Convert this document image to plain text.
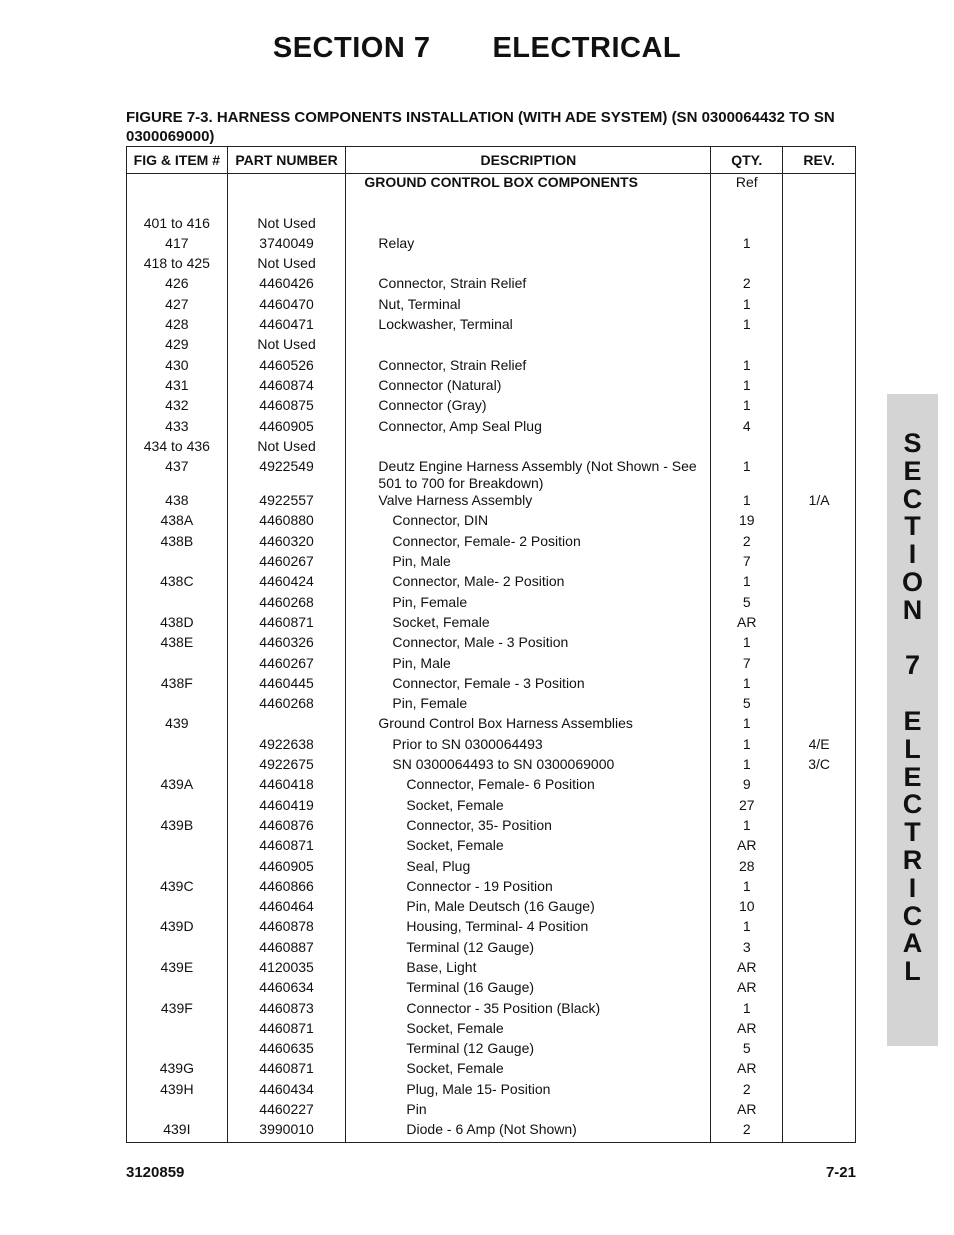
SECTION 7 ELECTRICAL
FIGURE 7-3. HARNESS COMPONENTS INSTALLATION (WITH ADE SYSTEM) (SN 0300064432 TO SN 0300069000)
FIG & ITEM #	PART NUMBER	DESCRIPTION	QTY.	REV.

		GROUND CONTROL BOX COMPONENTS	Ref	

401 to 416	Not Used	

417	3740049	Relay	1	
418 to 425	Not Used	

426	4460426	Connector, Strain Relief	2	
427	4460470	Nut, Terminal	1	
428	4460471	Lockwasher, Terminal	1	
429	Not Used	

430	4460526	Connector, Strain Relief	1	
431	4460874	Connector (Natural)	1	
432	4460875	Connector (Gray)	1	
433	4460905	Connector, Amp Seal Plug	4	
434 to 436	Not Used	

437	4922549	Deutz Engine Harness Assembly (Not Shown - See 501 to 700 for Breakdown)	1	
438	4922557	Valve Harness Assembly	1	1/A
438A	4460880	Connector, DIN	19	
438B	4460320	Connector, Female- 2 Position	2	
	4460267	Pin, Male	7	
438C	4460424	Connector, Male- 2 Position	1	
	4460268	Pin, Female	5	
438D	4460871	Socket, Female	AR	
438E	4460326	Connector, Male - 3 Position	1	
	4460267	Pin, Male	7	
438F	4460445	Connector, Female - 3 Position	1	
	4460268	Pin, Female	5	
439		Ground Control Box Harness Assemblies	1	
	4922638	Prior to SN 0300064493	1	4/E
	4922675	SN 0300064493 to SN 0300069000	1	3/C
439A	4460418	Connector, Female- 6 Position	9	
	4460419	Socket, Female	27	
439B	4460876	Connector, 35- Position	1	
	4460871	Socket, Female	AR	
	4460905	Seal, Plug	28	
439C	4460866	Connector - 19 Position	1	
	4460464	Pin, Male Deutsch (16 Gauge)	10	
439D	4460878	Housing, Terminal- 4 Position	1	
	4460887	Terminal (12 Gauge)	3	
439E	4120035	Base, Light	AR	
	4460634	Terminal (16 Gauge)	AR	
439F	4460873	Connector - 35 Position (Black)	1	
	4460871	Socket, Female	AR	
	4460635	Terminal (12 Gauge)	5	
439G	4460871	Socket, Female	AR	
439H	4460434	Plug, Male 15- Position	2	
	4460227	Pin	AR	
439I	3990010	Diode - 6 Amp (Not Shown)	2	
3120859	7-21
S
E
C
T
I
O
N

7

E
L
E
C
T
R
I
C
A
L
